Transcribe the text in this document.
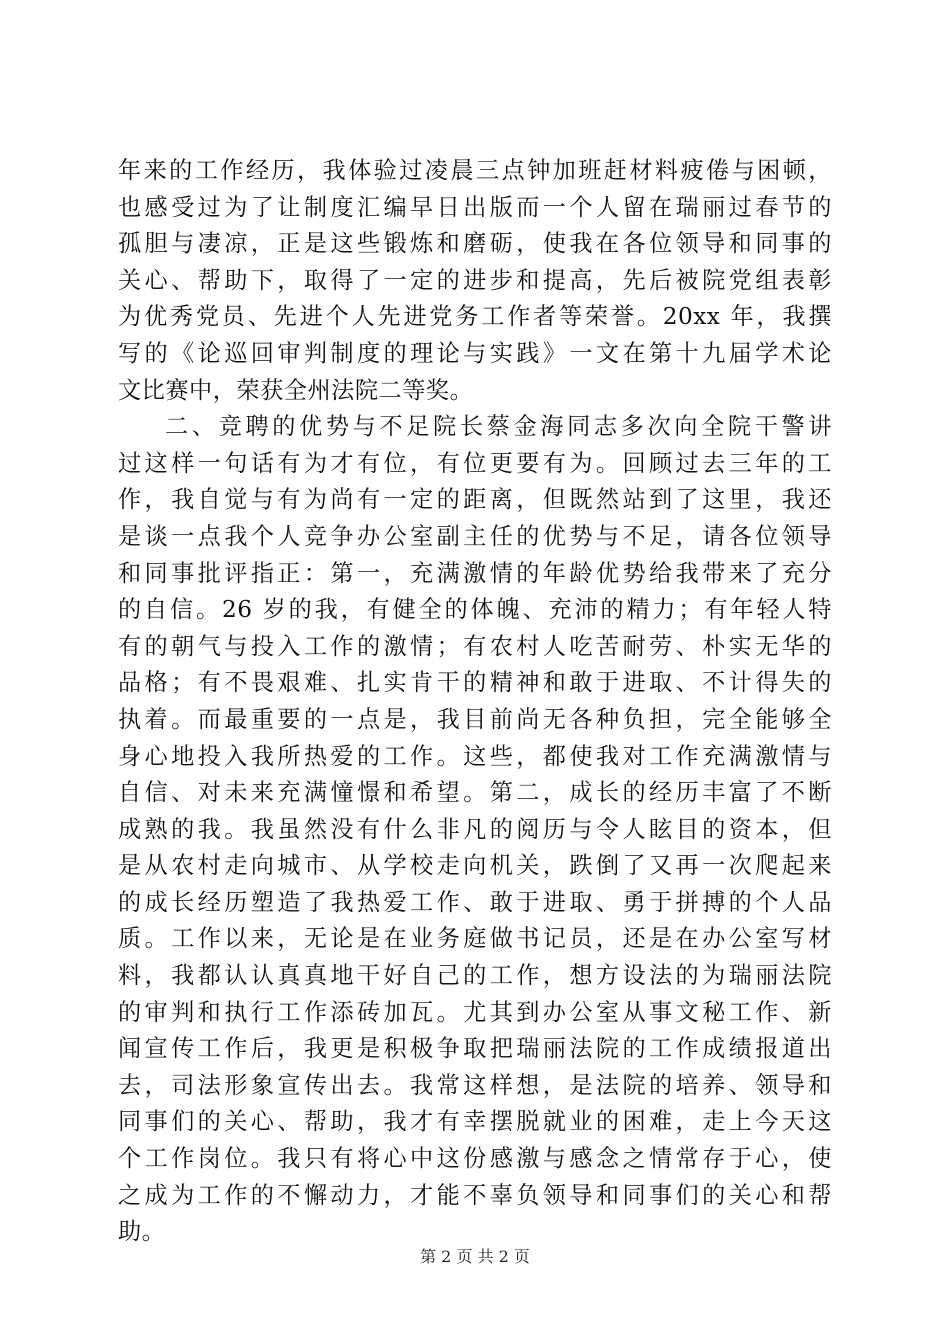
年来的工作经历，我体验过凌晨三点钟加班赶材料疲倦与困顿，
也感受过为了让制度汇编早日出版而一个人留在瑞丽过春节的
孤胆与凄凉，正是这些锻炼和磨砺，使我在各位领导和同事的
关心、帮助下，取得了一定的进步和提高，先后被院党组表彰
为优秀党员、先进个人先进党务工作者等荣誉。20xx 年，我撰
写的《论巡回审判制度的理论与实践》一文在第十九届学术论
文比赛中，荣获全州法院二等奖。
二、竞聘的优势与不足院长蔡金海同志多次向全院干警讲
过这样一句话有为才有位，有位更要有为。回顾过去三年的工
作，我自觉与有为尚有一定的距离，但既然站到了这里，我还
是谈一点我个人竞争办公室副主任的优势与不足，请各位领导
和同事批评指正：第一，充满激情的年龄优势给我带来了充分
的自信。26 岁的我，有健全的体魄、充沛的精力；有年轻人特
有的朝气与投入工作的激情；有农村人吃苦耐劳、朴实无华的
品格；有不畏艰难、扎实肯干的精神和敢于进取、不计得失的
执着。而最重要的一点是，我目前尚无各种负担，完全能够全
身心地投入我所热爱的工作。这些，都使我对工作充满激情与
自信、对未来充满憧憬和希望。第二，成长的经历丰富了不断
成熟的我。我虽然没有什么非凡的阅历与令人眩目的资本，但
是从农村走向城市、从学校走向机关，跌倒了又再一次爬起来
的成长经历塑造了我热爱工作、敢于进取、勇于拼搏的个人品
质。工作以来，无论是在业务庭做书记员，还是在办公室写材
料，我都认认真真地干好自己的工作，想方设法的为瑞丽法院
的审判和执行工作添砖加瓦。尤其到办公室从事文秘工作、新
闻宣传工作后，我更是积极争取把瑞丽法院的工作成绩报道出
去，司法形象宣传出去。我常这样想，是法院的培养、领导和
同事们的关心、帮助，我才有幸摆脱就业的困难，走上今天这
个工作岗位。我只有将心中这份感激与感念之情常存于心，使
之成为工作的不懈动力，才能不辜负领导和同事们的关心和帮
助。
第 2 页 共 2 页
